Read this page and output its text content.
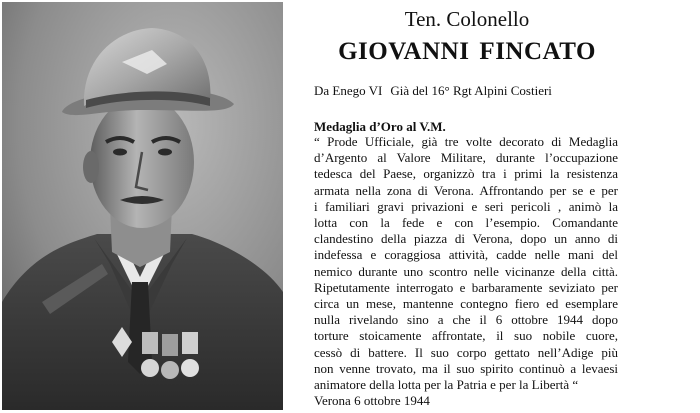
Ten. Colonello
GIOVANNI FINCATO
Da Enego VI Già del 16° Rgt Alpini Costieri
Medaglia d’Oro al V.M.
“ Prode Ufficiale, già tre volte decorato di Medaglia
d’Argento al Valore Militare, durante l’occupazione
tedesca del Paese, organizzò tra i primi la resistenza
armata nella zona di Verona. Affrontando per se e per
i familiari gravi privazioni e seri pericoli , animò la
lotta con la fede e con l’esempio. Comandante
clandestino della piazza di Verona, dopo un anno di
indefessa e coraggiosa attività, cadde nelle mani del
nemico durante uno scontro nelle vicinanze della città.
Ripetutamente interrogato e barbaramente seviziato per
circa un mese, mantenne contegno fiero ed esemplare
nulla rivelando sino a che il 6 ottobre 1944 dopo
torture stoicamente affrontate, il suo nobile cuore,
cessò di battere. Il suo corpo gettato nell’Adige più
non venne trovato, ma il suo spirito continuò a levaesi
animatore della lotta per la Patria e per la Libertà “
Verona 6 ottobre 1944
